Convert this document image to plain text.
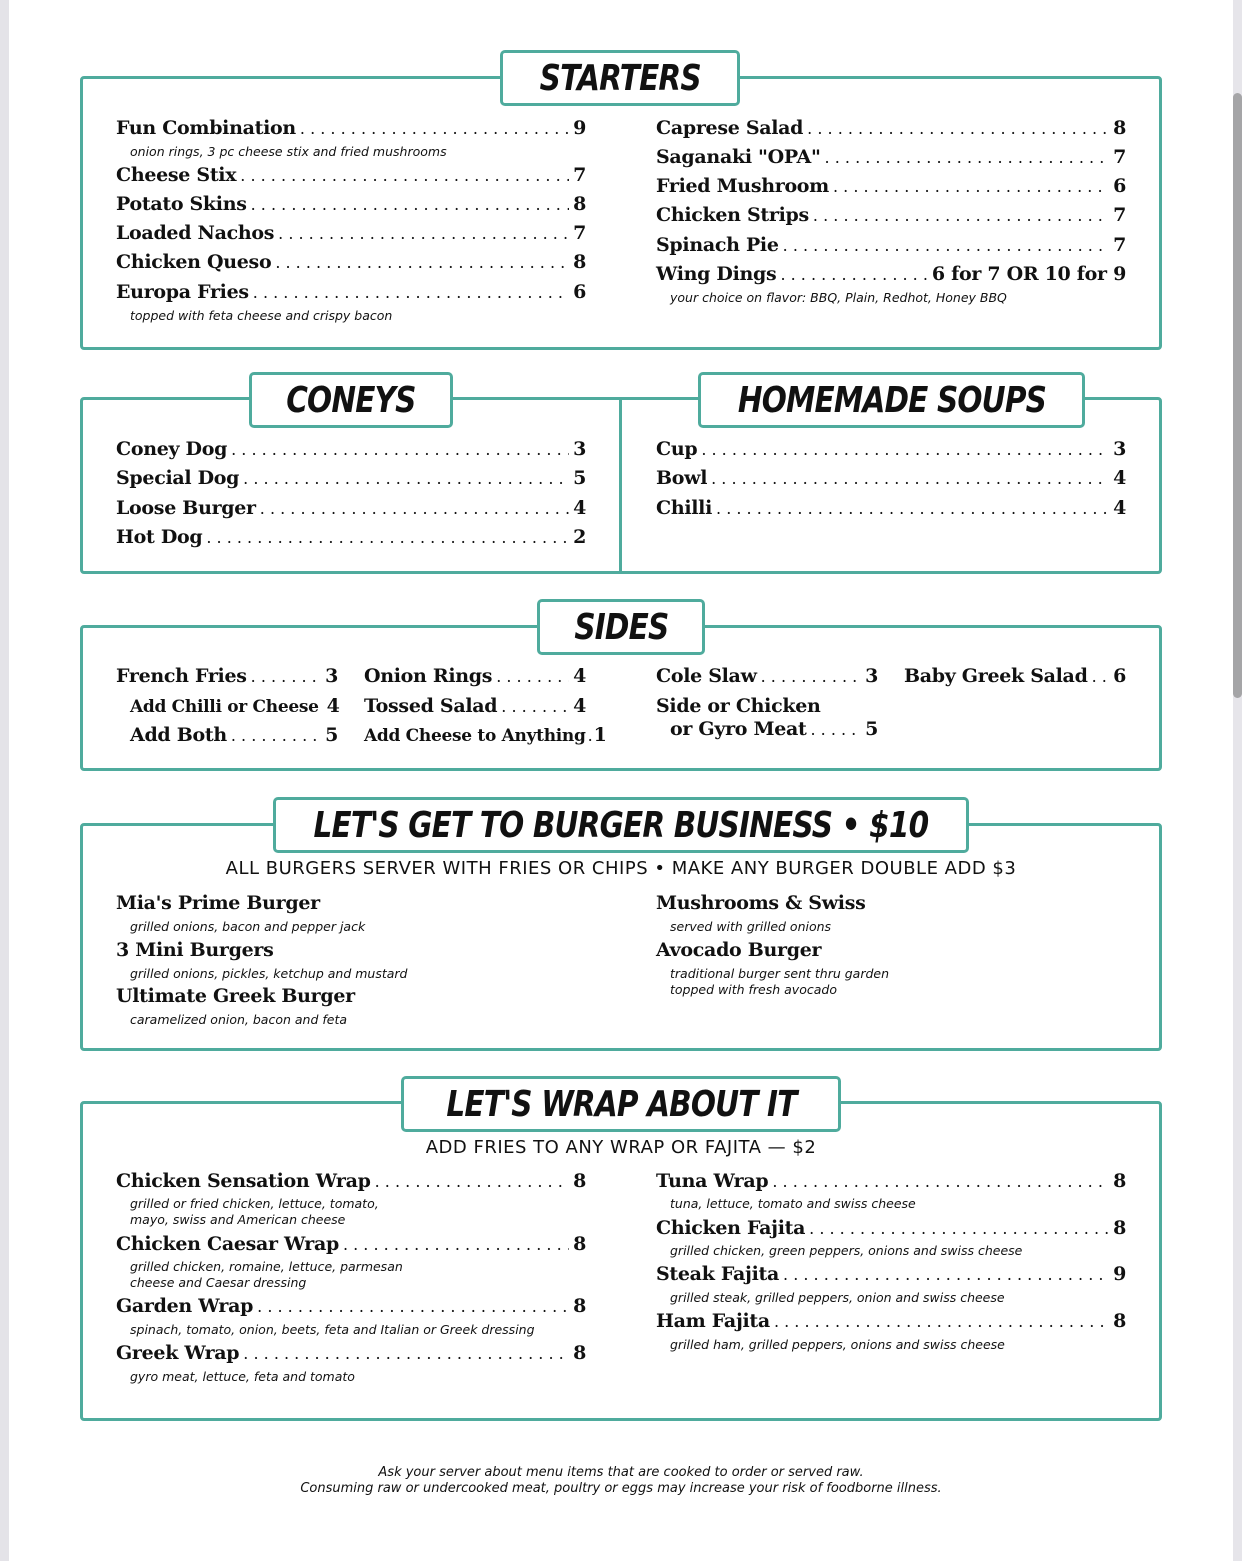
STARTERS
Fun Combination . . .	9
onion rings, 3 pc cheese stix and fried mushrooms
Cheese Stix . . .	7
Potato Skins . . .	8
Loaded Nachos . . .	7
Chicken Queso . . .	8
Europa Fries . . .	6
topped with feta cheese and crispy bacon
Caprese Salad . . .	8
Saganaki "OPA" . . .	7
Fried Mushroom . . .	6
Chicken Strips . . .	7
Spinach Pie . . .	7
Wing Dings . . .	6 for 7 OR 10 for 9
your choice on flavor: BBQ, Plain, Redhot, Honey BBQ
CONEYS	HOMEMADE SOUPS
Coney Dog . . .	3
Special Dog . . .	5
Loose Burger . . .	4
Hot Dog . . .	2
Cup . . .	3
Bowl . . .	4
Chilli . . .	4
SIDES
French Fries . . .	3
Add Chilli or Cheese 4
Add Both . . .	5
Onion Rings . . .	4
Tossed Salad . . .	4
Add Cheese to Anything . . . 1
Cole Slaw . . .	3
Side or Chicken
or Gyro Meat . . .	5
Baby Greek Salad . . . 6
LET'S GET TO BURGER BUSINESS • $10
ALL BURGERS SERVER WITH FRIES OR CHIPS • MAKE ANY BURGER DOUBLE ADD $3
Mia's Prime Burger
grilled onions, bacon and pepper jack
3 Mini Burgers
grilled onions, pickles, ketchup and mustard
Ultimate Greek Burger
caramelized onion, bacon and feta
Mushrooms & Swiss
served with grilled onions
Avocado Burger
traditional burger sent thru garden
topped with fresh avocado
LET'S WRAP ABOUT IT
ADD FRIES TO ANY WRAP OR FAJITA — $2
Chicken Sensation Wrap . . .	8
grilled or fried chicken, lettuce, tomato,
mayo, swiss and American cheese
Chicken Caesar Wrap . . .	8
grilled chicken, romaine, lettuce, parmesan
cheese and Caesar dressing
Garden Wrap . . .	8
spinach, tomato, onion, beets, feta and Italian or Greek dressing
Greek Wrap . . .	8
gyro meat, lettuce, feta and tomato
Tuna Wrap . . .	8
tuna, lettuce, tomato and swiss cheese
Chicken Fajita . . .	8
grilled chicken, green peppers, onions and swiss cheese
Steak Fajita . . .	9
grilled steak, grilled peppers, onion and swiss cheese
Ham Fajita . . .	8
grilled ham, grilled peppers, onions and swiss cheese
Ask your server about menu items that are cooked to order or served raw.
Consuming raw or undercooked meat, poultry or eggs may increase your risk of foodborne illness.
